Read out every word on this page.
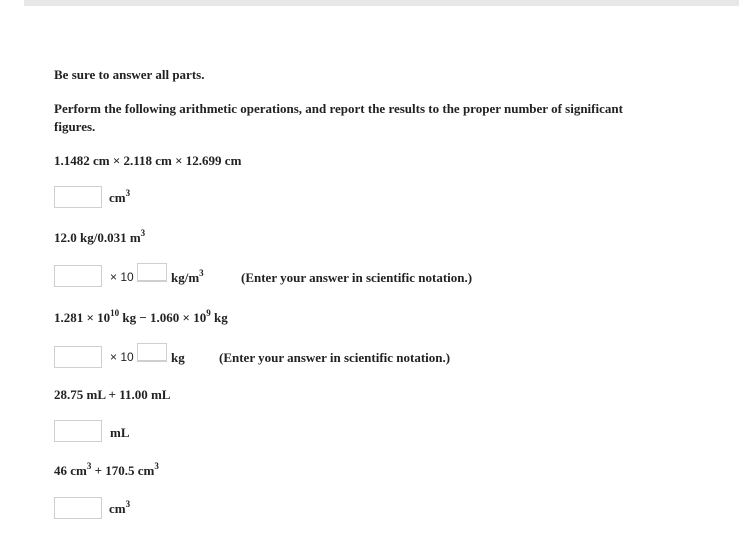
Be sure to answer all parts.
Perform the following arithmetic operations, and report the results to the proper number of significant
figures.
1.1482 cm × 2.118 cm × 12.699 cm
$cm^3$
12.0 kg/0.031 $m^3$
× 10	$kg/m^3$	(Enter your answer in scientific notation.)
$1.281 \times 10^{10}$ kg − $1.060 \times 10^9$ kg
× 10	kg	(Enter your answer in scientific notation.)
28.75 mL + 11.00 mL
mL
46 $cm^3 + 170.5$ $cm^3$
$cm^3$
